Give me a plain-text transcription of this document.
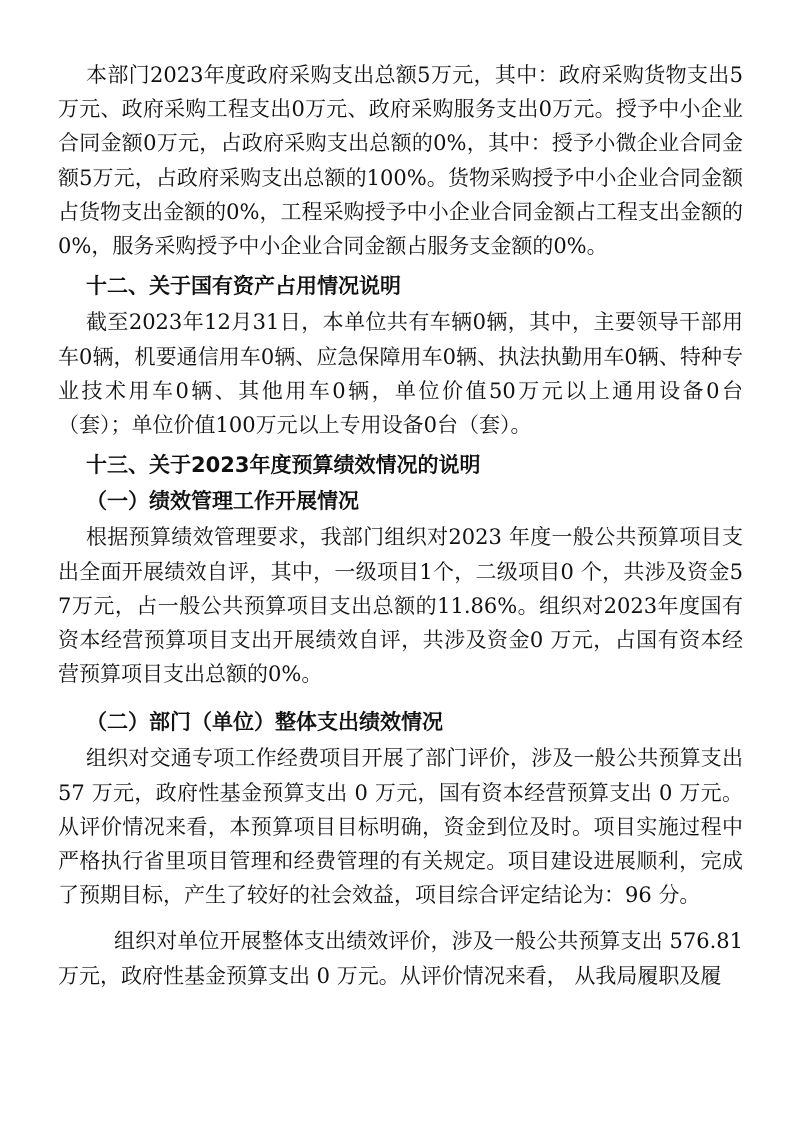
本部门2023年度政府采购支出总额5万元，其中：政府采购货物支出5万元、政府采购工程支出0万元、政府采购服务支出0万元。授予中小企业合同金额0万元，占政府采购支出总额的0%，其中：授予小微企业合同金额5万元，占政府采购支出总额的100%。货物采购授予中小企业合同金额占货物支出金额的0%，工程采购授予中小企业合同金额占工程支出金额的0%，服务采购授予中小企业合同金额占服务支金额的0%。

十二、关于国有资产占用情况说明

截至2023年12月31日，本单位共有车辆0辆，其中，主要领导干部用车0辆，机要通信用车0辆、应急保障用车0辆、执法执勤用车0辆、特种专业技术用车0辆、其他用车0辆，单位价值50万元以上通用设备0台（套）；单位价值100万元以上专用设备0台（套）。

十三、关于2023年度预算绩效情况的说明

（一）绩效管理工作开展情况

根据预算绩效管理要求，我部门组织对2023 年度一般公共预算项目支出全面开展绩效自评，其中，一级项目1个，二级项目0 个，共涉及资金57万元，占一般公共预算项目支出总额的11.86%。组织对2023年度国有资本经营预算项目支出开展绩效自评，共涉及资金0 万元，占国有资本经营预算项目支出总额的0%。

（二）部门（单位）整体支出绩效情况

组织对交通专项工作经费项目开展了部门评价，涉及一般公共预算支出 57 万元，政府性基金预算支出 0 万元，国有资本经营预算支出 0 万元。从评价情况来看，本预算项目目标明确，资金到位及时。项目实施过程中严格执行省里项目管理和经费管理的有关规定。项目建设进展顺利，完成了预期目标，产生了较好的社会效益，项目综合评定结论为：96 分。

组织对单位开展整体支出绩效评价，涉及一般公共预算支出 576.81万元，政府性基金预算支出 0 万元。从评价情况来看， 从我局履职及履
